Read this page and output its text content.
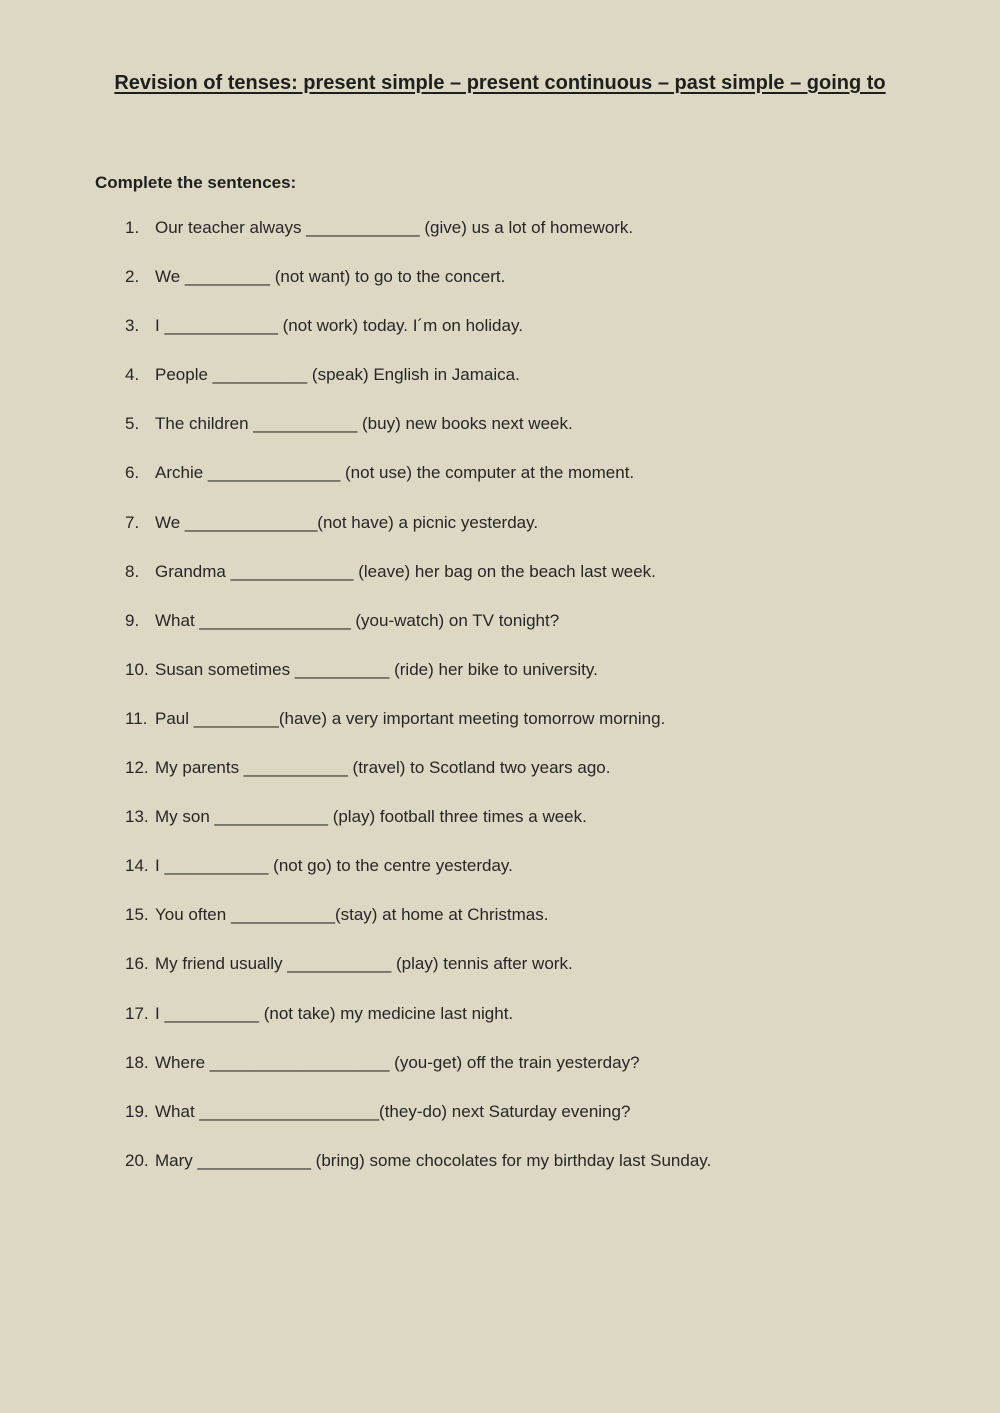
Revision of tenses: present simple – present continuous – past simple – going to
Complete the sentences:
1. Our teacher always ____________ (give) us a lot of homework.
2. We _________ (not want) to go to the concert.
3. I ____________ (not work) today. I´m on holiday.
4. People __________ (speak) English in Jamaica.
5. The children ___________ (buy) new books next week.
6. Archie ______________ (not use) the computer at the moment.
7. We ______________(not have) a picnic yesterday.
8. Grandma _____________ (leave) her bag on the beach last week.
9. What ________________ (you-watch) on TV tonight?
10. Susan sometimes __________ (ride) her bike to university.
11. Paul _________(have) a very important meeting tomorrow morning.
12. My parents ___________ (travel) to Scotland two years ago.
13. My son ____________ (play) football three times a week.
14. I ___________ (not go) to the centre yesterday.
15. You often ___________(stay) at home at Christmas.
16. My friend usually ___________ (play) tennis after work.
17. I __________ (not take) my medicine last night.
18. Where ___________________ (you-get) off the train yesterday?
19. What ___________________(they-do) next Saturday evening?
20. Mary ____________ (bring) some chocolates for my birthday last Sunday.
